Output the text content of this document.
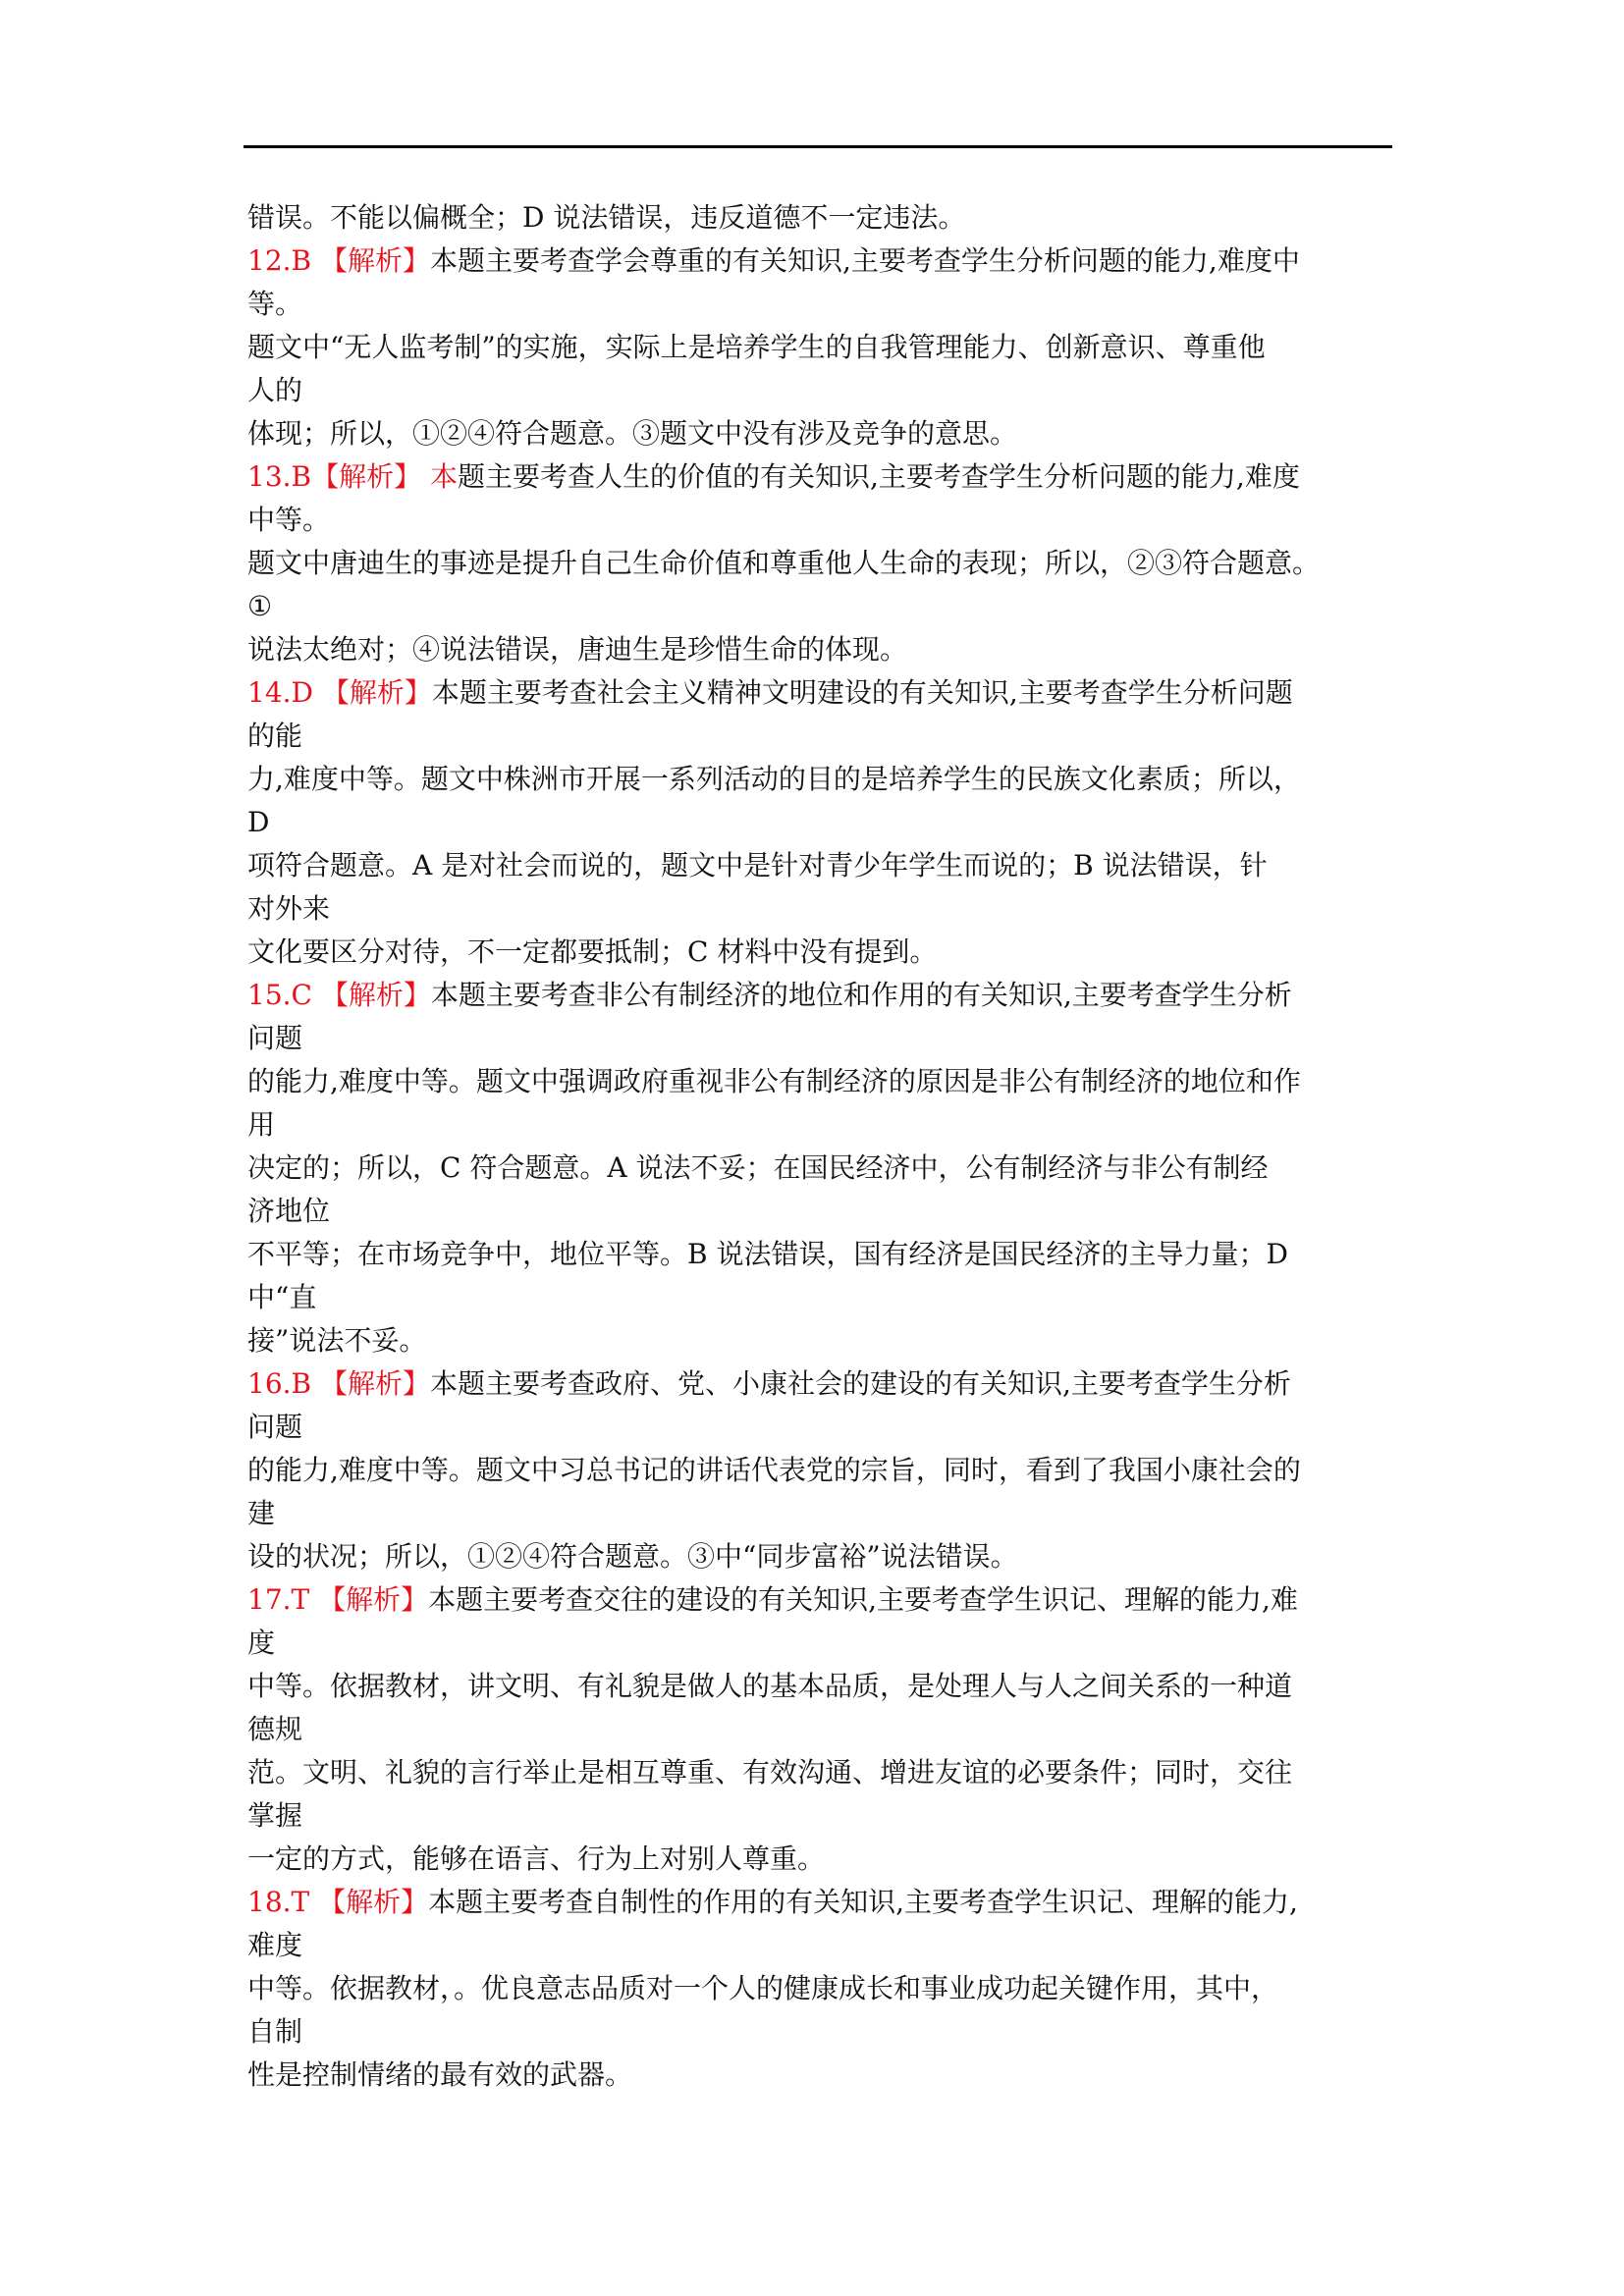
错误。不能以偏概全；D 说法错误，违反道德不一定违法。
12.B 【解析】本题主要考查学会尊重的有关知识,主要考查学生分析问题的能力,难度中
等。
题文中“无人监考制”的实施，实际上是培养学生的自我管理能力、创新意识、尊重他
人的
体现；所以，①②④符合题意。③题文中没有涉及竞争的意思。
13.B【解析】 本题主要考查人生的价值的有关知识,主要考查学生分析问题的能力,难度
中等。
题文中唐迪生的事迹是提升自己生命价值和尊重他人生命的表现；所以，②③符合题意。
①
说法太绝对；④说法错误，唐迪生是珍惜生命的体现。
14.D 【解析】本题主要考查社会主义精神文明建设的有关知识,主要考查学生分析问题
的能
力,难度中等。题文中株洲市开展一系列活动的目的是培养学生的民族文化素质；所以，
D
项符合题意。A 是对社会而说的，题文中是针对青少年学生而说的；B 说法错误，针
对外来
文化要区分对待，不一定都要抵制；C 材料中没有提到。
15.C 【解析】本题主要考查非公有制经济的地位和作用的有关知识,主要考查学生分析
问题
的能力,难度中等。题文中强调政府重视非公有制经济的原因是非公有制经济的地位和作
用
决定的；所以，C 符合题意。A 说法不妥；在国民经济中，公有制经济与非公有制经
济地位
不平等；在市场竞争中，地位平等。B 说法错误，国有经济是国民经济的主导力量；D
中“直
接”说法不妥。
16.B 【解析】本题主要考查政府、党、小康社会的建设的有关知识,主要考查学生分析
问题
的能力,难度中等。题文中习总书记的讲话代表党的宗旨，同时，看到了我国小康社会的
建
设的状况；所以，①②④符合题意。③中“同步富裕”说法错误。
17.T 【解析】本题主要考查交往的建设的有关知识,主要考查学生识记、理解的能力,难
度
中等。依据教材，讲文明、有礼貌是做人的基本品质，是处理人与人之间关系的一种道
德规
范。文明、礼貌的言行举止是相互尊重、有效沟通、增进友谊的必要条件；同时，交往
掌握
一定的方式，能够在语言、行为上对别人尊重。
18.T 【解析】本题主要考查自制性的作用的有关知识,主要考查学生识记、理解的能力,
难度
中等。依据教材，。优良意志品质对一个人的健康成长和事业成功起关键作用，其中，
自制
性是控制情绪的最有效的武器。
